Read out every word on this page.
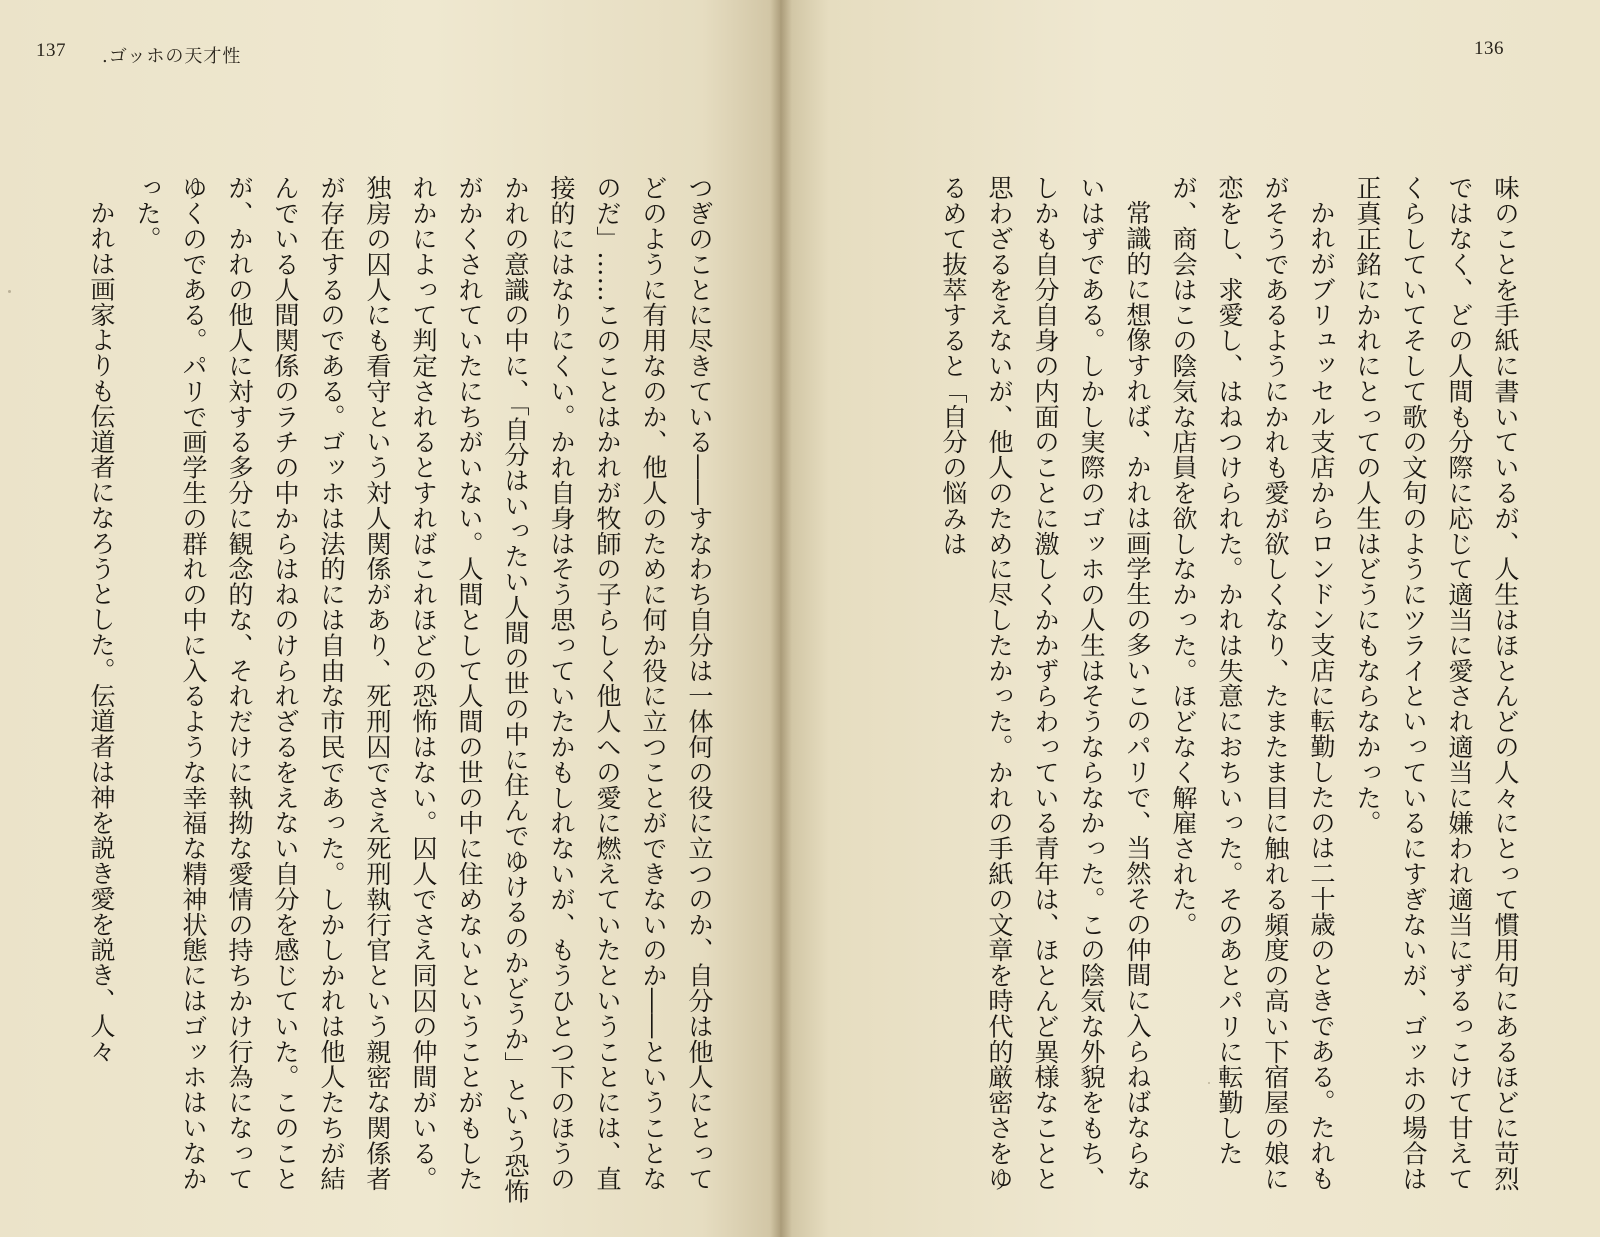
137 .ゴッホの天才性

つぎのことに尽きている――すなわち自分は一体何の役に立つのか、自分は他人にとってどのように有用なのか、他人のために何か役に立つことができないのか――ということなのだ」……このことはかれが牧師の子らしく他人への愛に燃えていたということには、直接的にはなりにくい。かれ自身はそう思っていたかもしれないが、もうひとつ下のほうのかれの意識の中に、「自分はいったい人間の世の中に住んでゆけるのかどうか」という恐怖がかくされていたにちがいない。人間として人間の世の中に住めないということがもしたれかによって判定されるとすればこれほどの恐怖はない。囚人でさえ同囚の仲間がいる。独房の囚人にも看守という対人関係があり、死刑囚でさえ死刑執行官という親密な関係者が存在するのである。ゴッホは法的には自由な市民であった。しかしかれは他人たちが結んでいる人間関係のラチの中からはねのけられざるをえない自分を感じていた。このことが、かれの他人に対する多分に観念的な、それだけに執拗な愛情の持ちかけ行為になってゆくのである。パリで画学生の群れの中に入るような幸福な精神状態にはゴッホはいなかった。

かれは画家よりも伝道者になろうとした。伝道者は神を説き愛を説き、人々

136

味のことを手紙に書いているが、人生はほとんどの人々にとって慣用句にあるほどに苛烈ではなく、どの人間も分際に応じて適当に愛され適当に嫌われ適当にずるっこけて甘えてくらしていてそして歌の文句のようにツライといっているにすぎないが、ゴッホの場合は正真正銘にかれにとっての人生はどうにもならなかった。

かれがブリュッセル支店からロンドン支店に転勤したのは二十歳のときである。たれもがそうであるようにかれも愛が欲しくなり、たまたま目に触れる頻度の高い下宿屋の娘に恋をし、求愛し、はねつけられた。かれは失意におちいった。そのあとパリに転勤したが、商会はこの陰気な店員を欲しなかった。ほどなく解雇された。

常識的に想像すれば、かれは画学生の多いこのパリで、当然その仲間に入らねばならないはずである。しかし実際のゴッホの人生はそうならなかった。この陰気な外貌をもち、しかも自分自身の内面のことに激しくかかずらわっている青年は、ほとんど異様なことと思わざるをえないが、他人のために尽したかった。かれの手紙の文章を時代的厳密さをゆるめて抜萃すると「自分の悩みは
